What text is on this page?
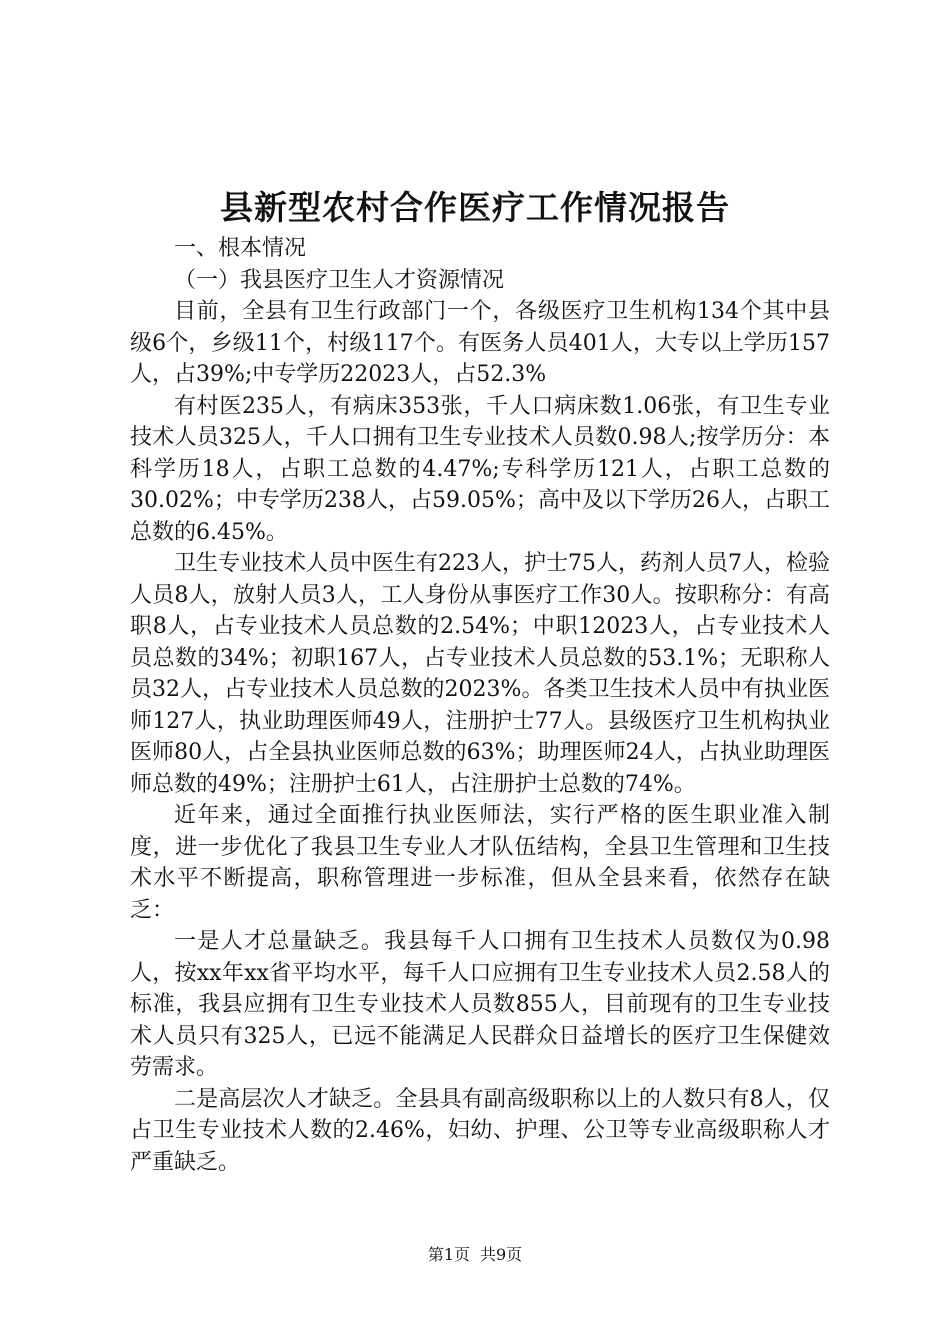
县新型农村合作医疗工作情况报告

一、根本情况

（一）我县医疗卫生人才资源情况

目前，全县有卫生行政部门一个，各级医疗卫生机构134个其中县级6个，乡级11个，村级117个。有医务人员401人，大专以上学历157人，占39%;中专学历22023人，占52.3%

有村医235人，有病床353张，千人口病床数1.06张，有卫生专业技术人员325人，千人口拥有卫生专业技术人员数0.98人;按学历分：本科学历18人，占职工总数的4.47%;专科学历121人，占职工总数的30.02%；中专学历238人，占59.05%；高中及以下学历26人，占职工总数的6.45%。

卫生专业技术人员中医生有223人，护士75人，药剂人员7人，检验人员8人，放射人员3人，工人身份从事医疗工作30人。按职称分：有高职8人，占专业技术人员总数的2.54%；中职12023人，占专业技术人员总数的34%；初职167人，占专业技术人员总数的53.1%；无职称人员32人，占专业技术人员总数的2023%。各类卫生技术人员中有执业医师127人，执业助理医师49人，注册护士77人。县级医疗卫生机构执业医师80人，占全县执业医师总数的63%；助理医师24人，占执业助理医师总数的49%；注册护士61人，占注册护士总数的74%。

近年来，通过全面推行执业医师法，实行严格的医生职业准入制度，进一步优化了我县卫生专业人才队伍结构，全县卫生管理和卫生技术水平不断提高，职称管理进一步标准，但从全县来看，依然存在缺乏：

一是人才总量缺乏。我县每千人口拥有卫生技术人员数仅为0.98人，按xx年xx省平均水平，每千人口应拥有卫生专业技术人员2.58人的标准，我县应拥有卫生专业技术人员数855人，目前现有的卫生专业技术人员只有325人，已远不能满足人民群众日益增长的医疗卫生保健效劳需求。

二是高层次人才缺乏。全县具有副高级职称以上的人数只有8人，仅占卫生专业技术人数的2.46%，妇幼、护理、公卫等专业高级职称人才严重缺乏。

第1页 共9页
